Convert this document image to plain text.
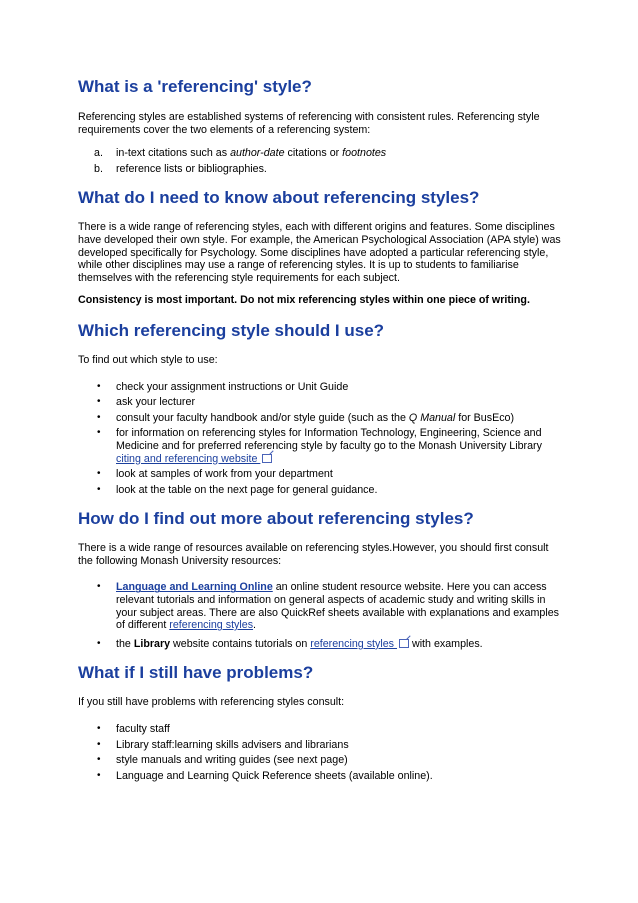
What is a 'referencing' style?

Referencing styles are established systems of referencing with consistent rules. Referencing style requirements cover the two elements of a referencing system:

a. in-text citations such as author-date citations or footnotes
b. reference lists or bibliographies.
What do I need to know about referencing styles?

There is a wide range of referencing styles, each with different origins and features. Some disciplines have developed their own style. For example, the American Psychological Association (APA style) was developed specifically for Psychology. Some disciplines have adopted a particular referencing style, while other disciplines may use a range of referencing styles. It is up to students to familiarise themselves with the referencing style requirements for each subject.

Consistency is most important. Do not mix referencing styles within one piece of writing.

Which referencing style should I use?

To find out which style to use:

• check your assignment instructions or Unit Guide
• ask your lecturer
• consult your faculty handbook and/or style guide (such as the Q Manual for BusEco)
• for information on referencing styles for Information Technology, Engineering, Science and Medicine and for preferred referencing style by faculty go to the Monash University Library citing and referencing website
• look at samples of work from your department
• look at the table on the next page for general guidance.
How do I find out more about referencing styles?

There is a wide range of resources available on referencing styles.However, you should first consult the following Monash University resources:

• Language and Learning Online an online student resource website. Here you can access relevant tutorials and information on general aspects of academic study and writing skills in your subject areas. There are also QuickRef sheets available with explanations and examples of different referencing styles.
• the Library website contains tutorials on referencing styles  with examples.
What if I still have problems?

If you still have problems with referencing styles consult:

• faculty staff
• Library staff:learning skills advisers and librarians
• style manuals and writing guides (see next page)
• Language and Learning Quick Reference sheets (available online).
